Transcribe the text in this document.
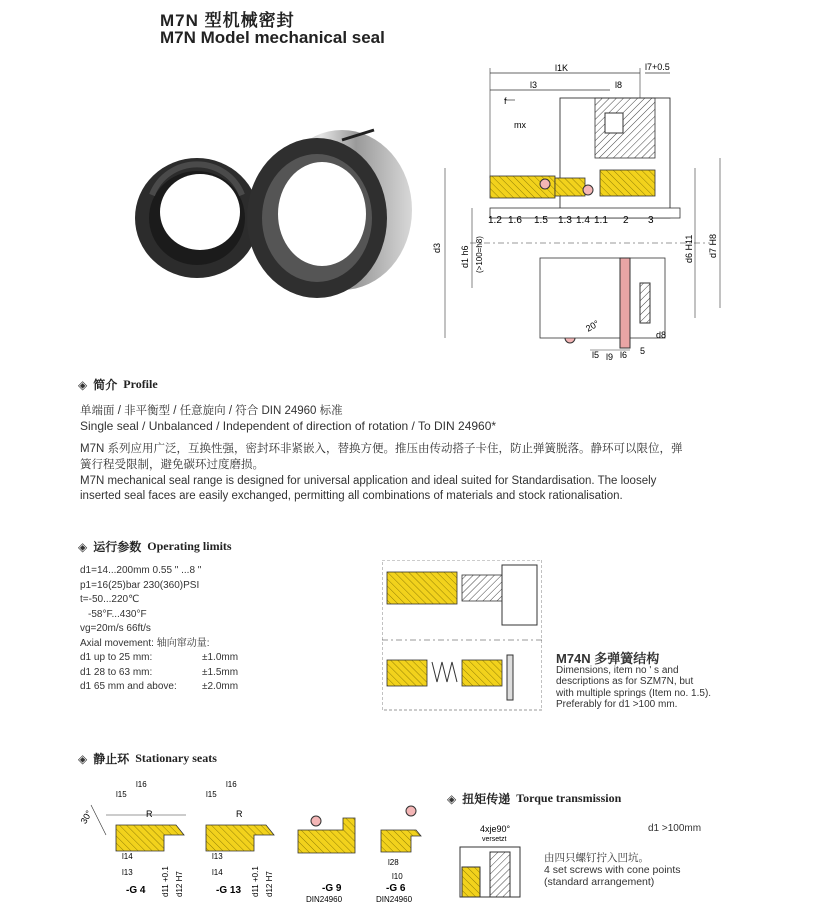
M7N 型机械密封
M7N Model mechanical seal
l1K	l7+0.5
l3	l8
f
mx
1.2 1.6 1.5 1.3 1.4 1.1 2 3
d3 d1 h6 (>100=h8)	d6 H11 d7 H8
20°
l5 l9 l6 5
d8
◈ 简介 Profile
单端面 / 非平衡型 / 任意旋向 / 符合 DIN 24960 标准
Single seal / Unbalanced / Independent of direction of rotation / To DIN 24960*
M7N 系列应用广泛，互换性强，密封环非紧嵌入，替换方便。推压由传动搭子卡住，防止弹簧脱落。静环可以限位，弹
簧行程受限制，避免碳环过度磨损。
M7N mechanical seal range is designed for universal application and ideal suited for Standardisation. The loosely
inserted seal faces are easily exchanged, permitting all combinations of materials and stock rationalisation.
◈ 运行参数 Operating limits
d1=14...200mm 0.55 " ...8 "
p1=16(25)bar 230(360)PSI
t=-50...220℃
-58°F...430°F
vg=20m/s 66ft/s
Axial movement: 轴向窜动量:
d1 up to 25 mm:	±1.0mm
d1 28 to 63 mm:	±1.5mm
d1 65 mm and above:	±2.0mm
M74N 多弹簧结构
Dimensions, item no ' s and
descriptions as for SZM7N, but
with multiple springs (Item no. 1.5).
Preferably for d1 >100 mm.
◈ 静止环 Stationary seats
30°
l15
l16
R
l14
l13	d11 +0.1 d12 H7
-G 4
l15
l16
R
l13
l14	d11 +0.1 d12 H7
-G 13	-G 9
DIN24960
l28
l10
-G 6
DIN24960
◈ 扭矩传递 Torque transmission
d1 >100mm
4xje90°
versetzt
由四只螺钉拧入凹坑。
4 set screws with cone points
(standard arrangement)
